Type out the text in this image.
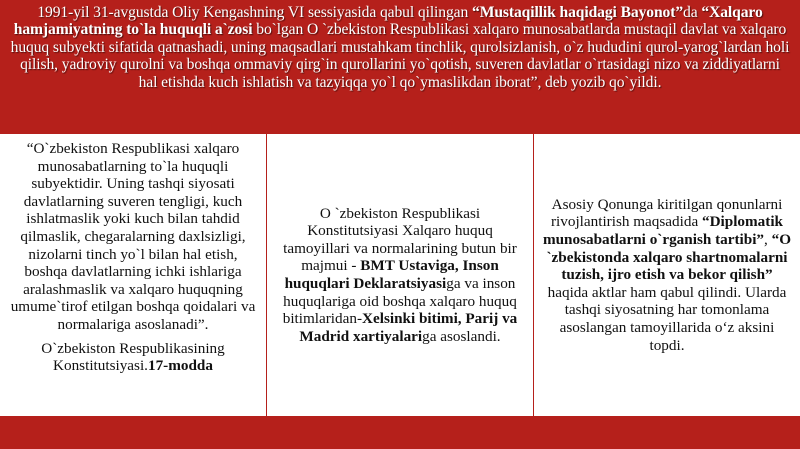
1991-yil 31-avgustda Oliy Kengashning VI sessiyasida qabul qilingan “Mustaqillik haqidagi Bayonot”da “Xalqaro hamjamiyatning to`la huquqli a`zosi bo`lgan O `zbekiston Respublikasi xalqaro munosabatlarda mustaqil davlat va xalqaro huquq subyekti sifatida qatnashadi, uning maqsadlari mustahkam tinchlik, qurolsizlanish, o`z hududini qurol-yarog`lardan holi qilish, yadroviy qurolni va boshqa ommaviy qirg`in qurollarini yo`qotish, suveren davlatlar o`rtasidagi nizo va ziddiyatlarni hal etishda kuch ishlatish va tazyiqqa yo`l qo`ymaslikdan iborat”, deb yozib qo`yildi.

“O`zbekiston Respublikasi xalqaro munosabatlarning to`la huquqli subyektidir. Uning tashqi siyosati davlatlarning suveren tengligi, kuch ishlatmaslik yoki kuch bilan tahdid qilmaslik, chegaralarning daxlsizligi, nizolarni tinch yo`l bilan hal etish, boshqa davlatlarning ichki ishlariga aralashmaslik va xalqaro huquqning umume`tirof etilgan boshqa qoidalari va normalariga asoslanadi”.

O`zbekiston Respublikasining Konstitutsiyasi.17-modda

O `zbekiston Respublikasi Konstitutsiyasi Xalqaro huquq tamoyillari va normalarining butun bir majmui - BMT Ustaviga, Inson huquqlari Deklaratsiyasiga va inson huquqlariga oid boshqa xalqaro huquq bitimlaridan-Xelsinki bitimi, Parij va Madrid xartiyalariga asoslandi.

Asosiy Qonunga kiritilgan qonunlarni rivojlantirish maqsadida “Diplomatik munosabatlarni o`rganish tartibi”, “O `zbekistonda xalqaro shartnomalarni tuzish, ijro etish va bekor qilish” haqida aktlar ham qabul qilindi. Ularda tashqi siyosatning har tomonlama asoslangan tamoyillarida o‘z aksini topdi.
